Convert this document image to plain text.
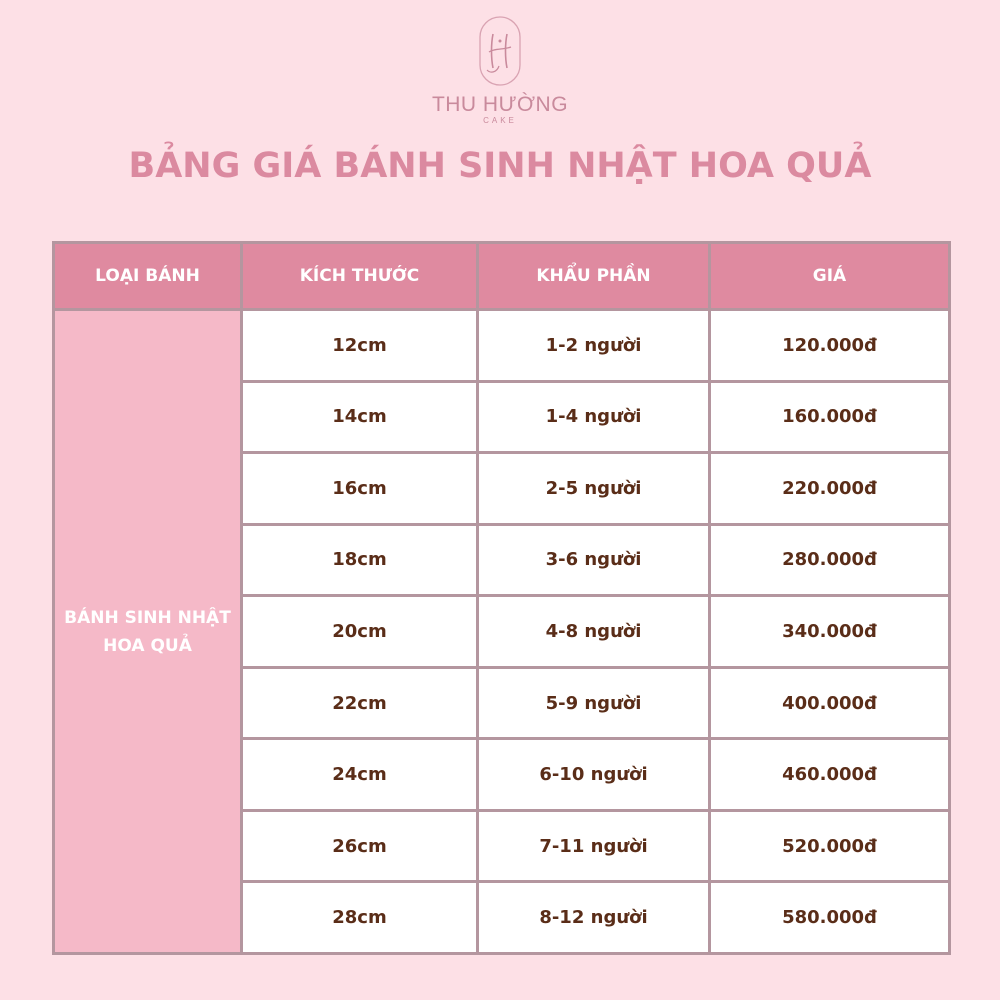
THU HƯỜNG
CAKE
BẢNG GIÁ BÁNH SINH NHẬT HOA QUẢ
LOẠI BÁNH	KÍCH THƯỚC	KHẨU PHẦN	GIÁ
BÁNH SINH NHẬT
HOA QUẢ	12cm	1-2 người	120.000đ
	14cm	1-4 người	160.000đ
	16cm	2-5 người	220.000đ
	18cm	3-6 người	280.000đ
	20cm	4-8 người	340.000đ
	22cm	5-9 người	400.000đ
	24cm	6-10 người	460.000đ
	26cm	7-11 người	520.000đ
	28cm	8-12 người	580.000đ
